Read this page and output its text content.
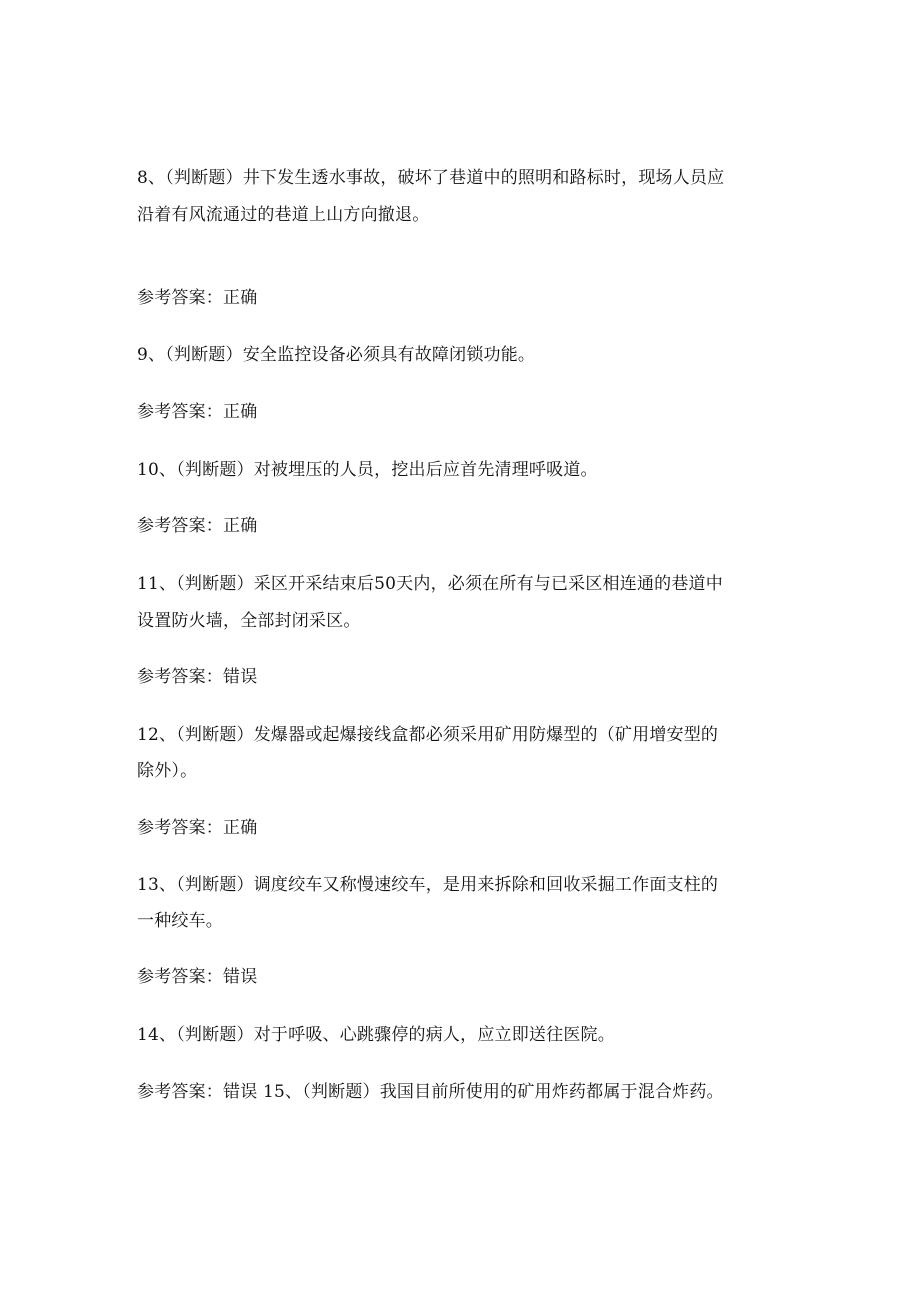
8、（判断题）井下发生透水事故，破坏了巷道中的照明和路标时，现场人员应
沿着有风流通过的巷道上山方向撤退。
参考答案：正确
9、（判断题）安全监控设备必须具有故障闭锁功能。
参考答案：正确
10、（判断题）对被埋压的人员，挖出后应首先清理呼吸道。
参考答案：正确
11、（判断题）采区开采结束后50天内，必须在所有与已采区相连通的巷道中
设置防火墙，全部封闭采区。
参考答案：错误
12、（判断题）发爆器或起爆接线盒都必须采用矿用防爆型的（矿用增安型的
除外）。
参考答案：正确
13、（判断题）调度绞车又称慢速绞车，是用来拆除和回收采掘工作面支柱的
一种绞车。
参考答案：错误
14、（判断题）对于呼吸、心跳骤停的病人，应立即送往医院。
参考答案：错误 15、（判断题）我国目前所使用的矿用炸药都属于混合炸药。
